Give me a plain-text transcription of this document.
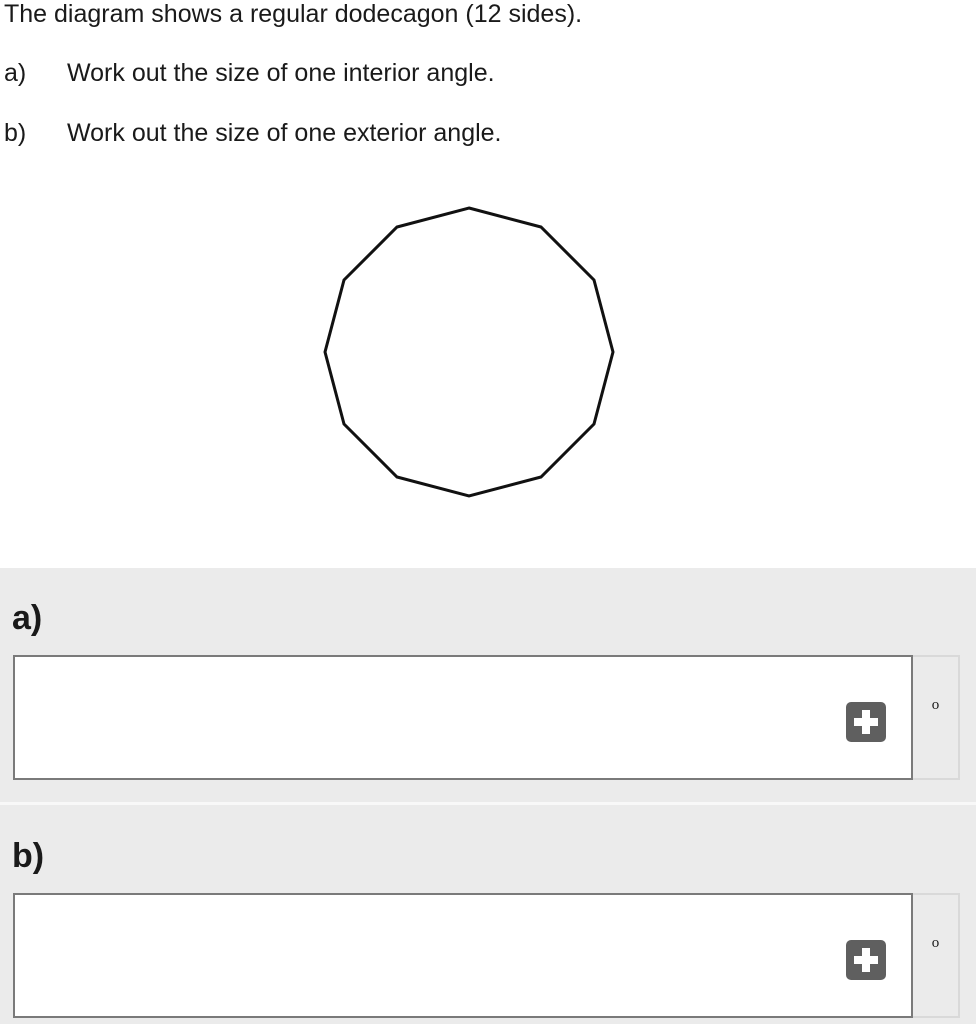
The diagram shows a regular dodecagon (12 sides).
a) Work out the size of one interior angle.
b) Work out the size of one exterior angle.
a)
o
b)
o
